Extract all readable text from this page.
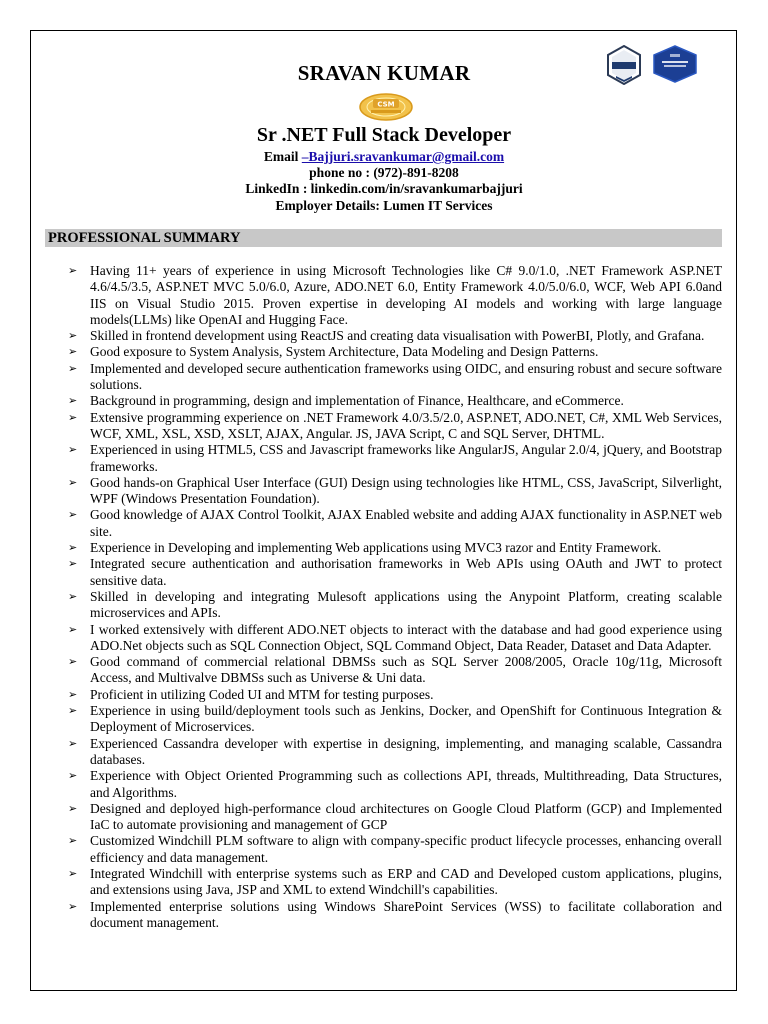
SRAVAN KUMAR
CSM
Sr .NET Full Stack Developer
Email –Bajjuri.sravankumar@gmail.com
phone no : (972)-891-8208
LinkedIn : linkedin.com/in/sravankumarbajjuri
Employer Details: Lumen IT Services
PROFESSIONAL SUMMARY
➢ Having 11+ years of experience in using Microsoft Technologies like C# 9.0/1.0, .NET Framework ASP.NET 4.6/4.5/3.5, ASP.NET MVC 5.0/6.0, Azure, ADO.NET 6.0, Entity Framework 4.0/5.0/6.0, WCF, Web API 6.0and IIS on Visual Studio 2015. Proven expertise in developing AI models and working with large language models(LLMs) like OpenAI and Hugging Face.
➢ Skilled in frontend development using ReactJS and creating data visualisation with PowerBI, Plotly, and Grafana.
➢ Good exposure to System Analysis, System Architecture, Data Modeling and Design Patterns.
➢ Implemented and developed secure authentication frameworks using OIDC, and ensuring robust and secure software solutions.
➢ Background in programming, design and implementation of Finance, Healthcare, and eCommerce.
➢ Extensive programming experience on .NET Framework 4.0/3.5/2.0, ASP.NET, ADO.NET, C#, XML Web Services, WCF, XML, XSL, XSD, XSLT, AJAX, Angular. JS, JAVA Script, C and SQL Server, DHTML.
➢ Experienced in using HTML5, CSS and Javascript frameworks like AngularJS, Angular 2.0/4, jQuery, and Bootstrap frameworks.
➢ Good hands-on Graphical User Interface (GUI) Design using technologies like HTML, CSS, JavaScript, Silverlight, WPF (Windows Presentation Foundation).
➢ Good knowledge of AJAX Control Toolkit, AJAX Enabled website and adding AJAX functionality in ASP.NET web site.
➢ Experience in Developing and implementing Web applications using MVC3 razor and Entity Framework.
➢ Integrated secure authentication and authorisation frameworks in Web APIs using OAuth and JWT to protect sensitive data.
➢ Skilled in developing and integrating Mulesoft applications using the Anypoint Platform, creating scalable microservices and APIs.
➢ I worked extensively with different ADO.NET objects to interact with the database and had good experience using ADO.Net objects such as SQL Connection Object, SQL Command Object, Data Reader, Dataset and Data Adapter.
➢ Good command of commercial relational DBMSs such as SQL Server 2008/2005, Oracle 10g/11g, Microsoft Access, and Multivalve DBMSs such as Universe & Uni data.
➢ Proficient in utilizing Coded UI and MTM for testing purposes.
➢ Experience in using build/deployment tools such as Jenkins, Docker, and OpenShift for Continuous Integration & Deployment of Microservices.
➢ Experienced Cassandra developer with expertise in designing, implementing, and managing scalable, Cassandra databases.
➢ Experience with Object Oriented Programming such as collections API, threads, Multithreading, Data Structures, and Algorithms.
➢ Designed and deployed high-performance cloud architectures on Google Cloud Platform (GCP) and Implemented IaC to automate provisioning and management of GCP
➢ Customized Windchill PLM software to align with company-specific product lifecycle processes, enhancing overall efficiency and data management.
➢ Integrated Windchill with enterprise systems such as ERP and CAD and Developed custom applications, plugins, and extensions using Java, JSP and XML to extend Windchill's capabilities.
➢ Implemented enterprise solutions using Windows SharePoint Services (WSS) to facilitate collaboration and document management.
